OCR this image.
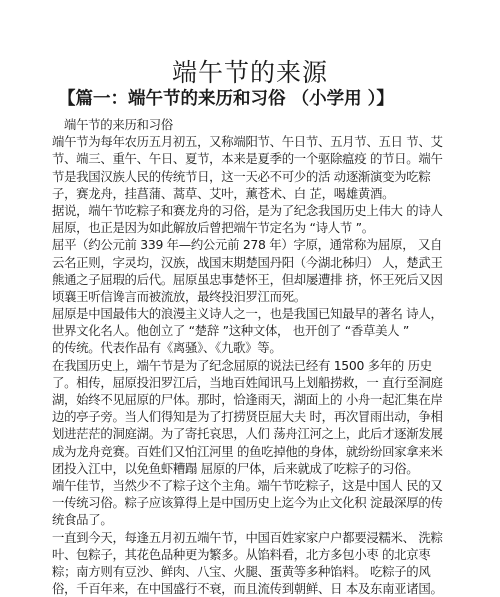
端午节的来源
【篇一：端午节的来历和习俗 （小学用 ）】

端午节的来历和习俗

端午节为每年农历五月初五，又称端阳节、午日节、五月节、五日 节、艾

节、端三、重午、午日、夏节，本来是夏季的一个驱除瘟疫 的节日。端午

节是我国汉族人民的传统节日，这一天必不可少的活 动逐渐演变为吃粽

子，赛龙舟，挂菖蒲、蒿草、艾叶，薰苍术、白 芷，喝雄黄酒。

据说，端午节吃粽子和赛龙舟的习俗，是为了纪念我国历史上伟大 的诗人

屈原，也正是因为如此解放后曾把端午节定名为 “诗人节 ”。

屈平（约公元前 339 年—约公元前 278 年）字原，通常称为屈原， 又自

云名正则，字灵均，汉族，战国末期楚国丹阳（今湖北秭归） 人，楚武王

熊通之子屈瑕的后代。屈原虽忠事楚怀王，但却屡遭排 挤，怀王死后又因

顷襄王听信谗言而被流放，最终投汨罗江而死。

屈原是中国最伟大的浪漫主义诗人之一，也是我国已知最早的著名 诗人，

世界文化名人。他创立了 “楚辞 ”这种文体， 也开创了 “香草美人 ”

的传统。代表作品有《离骚》、《九歌》等。

在我国历史上，端午节是为了纪念屈原的说法已经有 1500 多年的 历史

了。相传，屈原投汨罗江后，当地百姓闻讯马上划船捞救，一 直行至洞庭

湖，始终不见屈原的尸体。那时，恰逢雨天，湖面上的 小舟一起汇集在岸

边的亭子旁。当人们得知是为了打捞贤臣屈大夫 时，再次冒雨出动，争相

划进茫茫的洞庭湖。为了寄托哀思，人们 荡舟江河之上，此后才逐渐发展

成为龙舟竞赛。百姓们又怕江河里 的鱼吃掉他的身体，就纷纷回家拿来米

团投入江中，以免鱼虾糟蹋 屈原的尸体，后来就成了吃粽子的习俗。

端午佳节，当然少不了粽子这个主角。端午节吃粽子，这是中国人 民的又

一传统习俗。粽子应该算得上是中国历史上迄今为止文化积 淀最深厚的传

统食品了。

一直到今天，每逢五月初五端午节，中国百姓家家户户都要浸糯米、 洗粽

叶、包粽子，其花色品种更为繁多。从馅料看，北方多包小枣 的北京枣

粽；南方则有豆沙、鲜肉、八宝、火腿、蛋黄等多种馅料。 吃粽子的风

俗，千百年来，在中国盛行不衰，而且流传到朝鲜、日 本及东南亚诸国。
